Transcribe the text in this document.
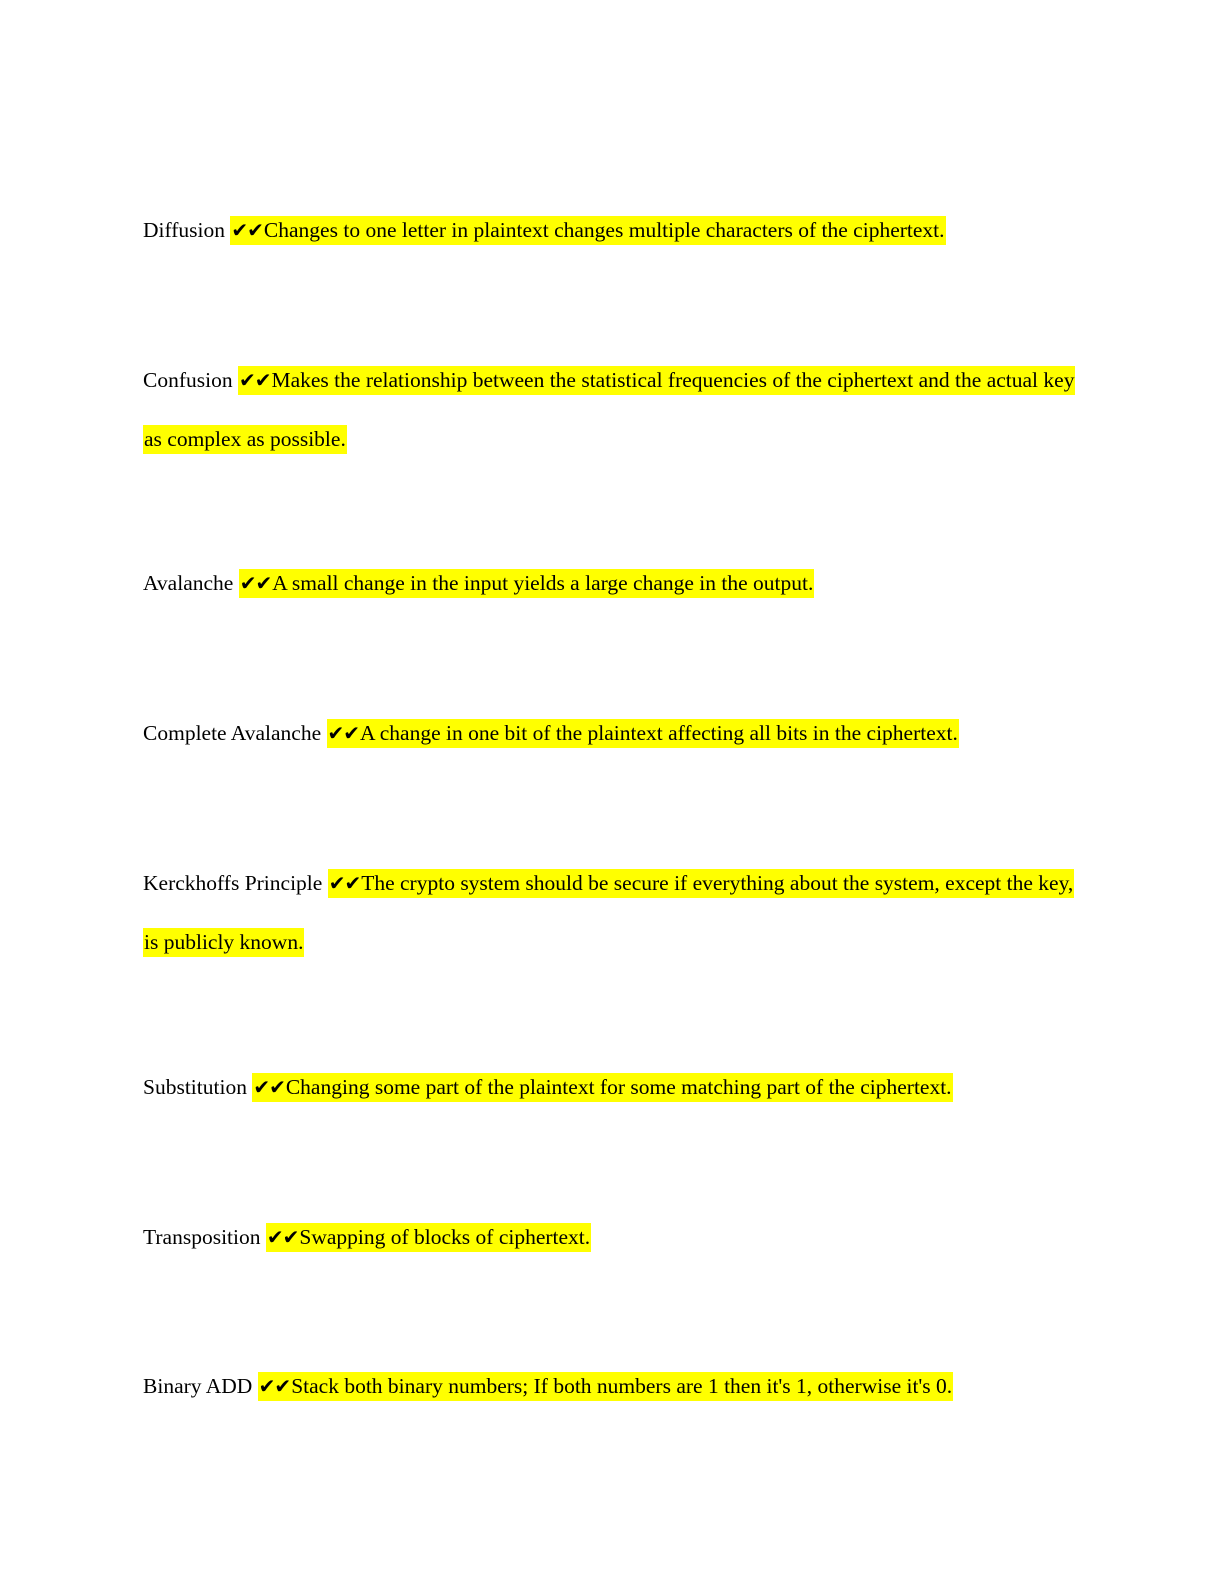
Diffusion ✔✔Changes to one letter in plaintext changes multiple characters of the ciphertext.

Confusion ✔✔Makes the relationship between the statistical frequencies of the ciphertext and the actual key as complex as possible.

Avalanche ✔✔A small change in the input yields a large change in the output.

Complete Avalanche ✔✔A change in one bit of the plaintext affecting all bits in the ciphertext.

Kerckhoffs Principle ✔✔The crypto system should be secure if everything about the system, except the key, is publicly known.

Substitution ✔✔Changing some part of the plaintext for some matching part of the ciphertext.

Transposition ✔✔Swapping of blocks of ciphertext.

Binary ADD ✔✔Stack both binary numbers; If both numbers are 1 then it's 1, otherwise it's 0.
